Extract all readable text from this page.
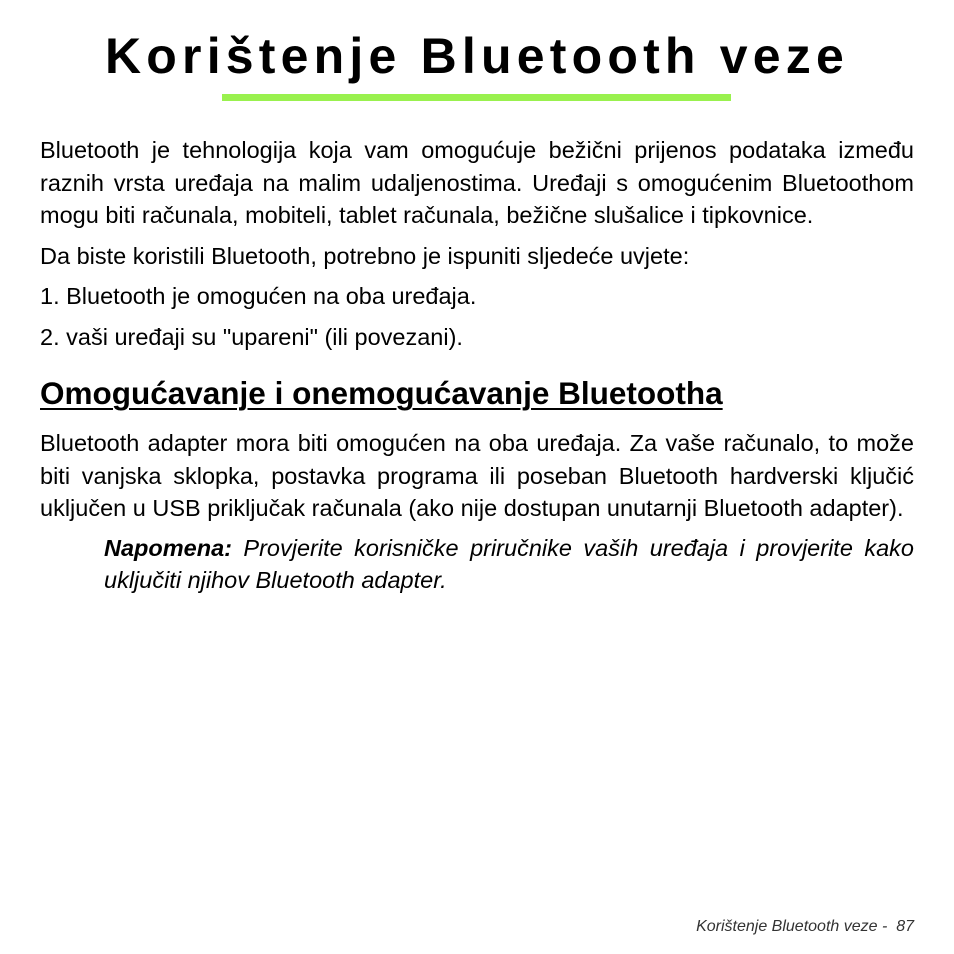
Korištenje Bluetooth veze

Bluetooth je tehnologija koja vam omogućuje bežični prijenos podataka između raznih vrsta uređaja na malim udaljenostima. Uređaji s omogućenim Bluetoothom mogu biti računala, mobiteli, tablet računala, bežične slušalice i tipkovnice.

Da biste koristili Bluetooth, potrebno je ispuniti sljedeće uvjete:

1. Bluetooth je omogućen na oba uređaja.

2. vaši uređaji su "upareni" (ili povezani).

Omogućavanje i onemogućavanje Bluetootha

Bluetooth adapter mora biti omogućen na oba uređaja. Za vaše računalo, to može biti vanjska sklopka, postavka programa ili poseban Bluetooth hardverski ključić uključen u USB priključak računala (ako nije dostupan unutarnji Bluetooth adapter).

Napomena: Provjerite korisničke priručnike vaših uređaja i provjerite kako uključiti njihov Bluetooth adapter.

Korištenje Bluetooth veze -  87
